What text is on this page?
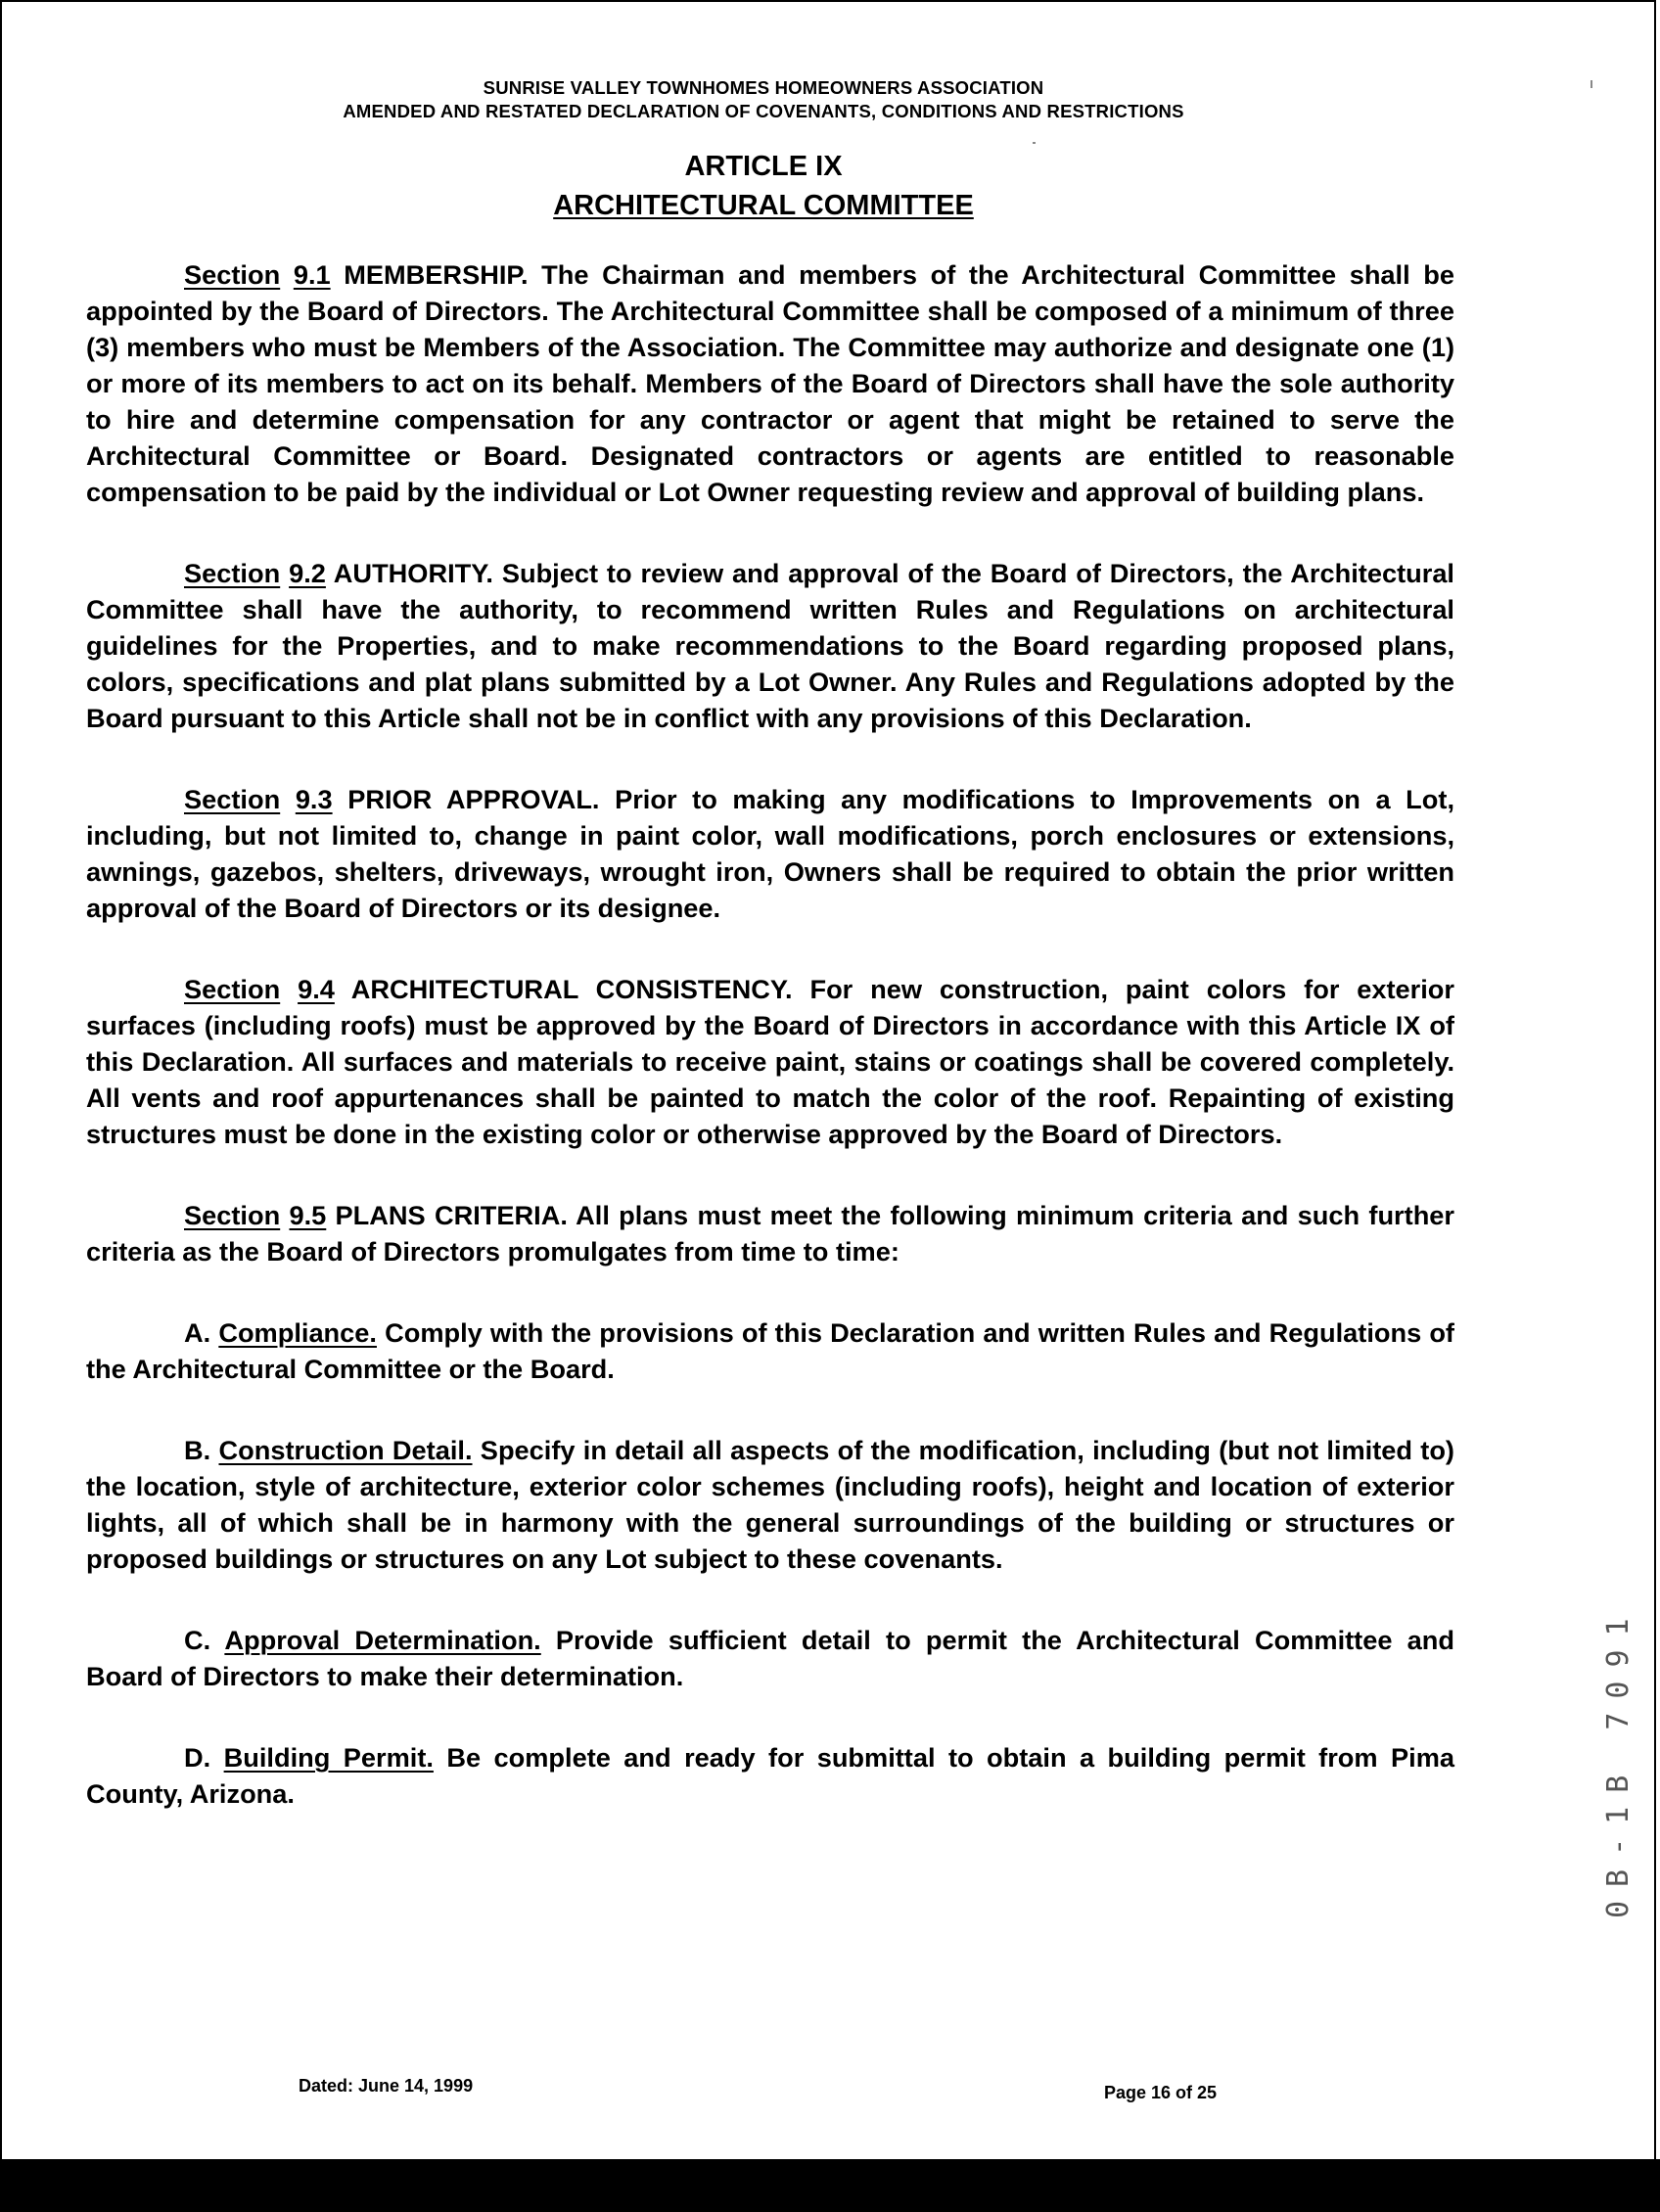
SUNRISE VALLEY TOWNHOMES HOMEOWNERS ASSOCIATION
AMENDED AND RESTATED DECLARATION OF COVENANTS, CONDITIONS AND RESTRICTIONS
ARTICLE IX
ARCHITECTURAL COMMITTEE

Section 9.1 MEMBERSHIP. The Chairman and members of the Architectural Committee shall be appointed by the Board of Directors. The Architectural Committee shall be composed of a minimum of three (3) members who must be Members of the Association. The Committee may authorize and designate one (1) or more of its members to act on its behalf. Members of the Board of Directors shall have the sole authority to hire and determine compensation for any contractor or agent that might be retained to serve the Architectural Committee or Board. Designated contractors or agents are entitled to reasonable compensation to be paid by the individual or Lot Owner requesting review and approval of building plans.

Section 9.2 AUTHORITY. Subject to review and approval of the Board of Directors, the Architectural Committee shall have the authority, to recommend written Rules and Regulations on architectural guidelines for the Properties, and to make recommendations to the Board regarding proposed plans, colors, specifications and plat plans submitted by a Lot Owner. Any Rules and Regulations adopted by the Board pursuant to this Article shall not be in conflict with any provisions of this Declaration.

Section 9.3 PRIOR APPROVAL. Prior to making any modifications to Improvements on a Lot, including, but not limited to, change in paint color, wall modifications, porch enclosures or extensions, awnings, gazebos, shelters, driveways, wrought iron, Owners shall be required to obtain the prior written approval of the Board of Directors or its designee.

Section 9.4 ARCHITECTURAL CONSISTENCY. For new construction, paint colors for exterior surfaces (including roofs) must be approved by the Board of Directors in accordance with this Article IX of this Declaration. All surfaces and materials to receive paint, stains or coatings shall be covered completely. All vents and roof appurtenances shall be painted to match the color of the roof. Repainting of existing structures must be done in the existing color or otherwise approved by the Board of Directors.

Section 9.5 PLANS CRITERIA. All plans must meet the following minimum criteria and such further criteria as the Board of Directors promulgates from time to time:

A. Compliance. Comply with the provisions of this Declaration and written Rules and Regulations of the Architectural Committee or the Board.

B. Construction Detail. Specify in detail all aspects of the modification, including (but not limited to) the location, style of architecture, exterior color schemes (including roofs), height and location of exterior lights, all of which shall be in harmony with the general surroundings of the building or structures or proposed buildings or structures on any Lot subject to these covenants.

C. Approval Determination. Provide sufficient detail to permit the Architectural Committee and Board of Directors to make their determination.

D. Building Permit. Be complete and ready for submittal to obtain a building permit from Pima County, Arizona.	0B-1B 7091
Dated: June 14, 1999	Page 16 of 25
